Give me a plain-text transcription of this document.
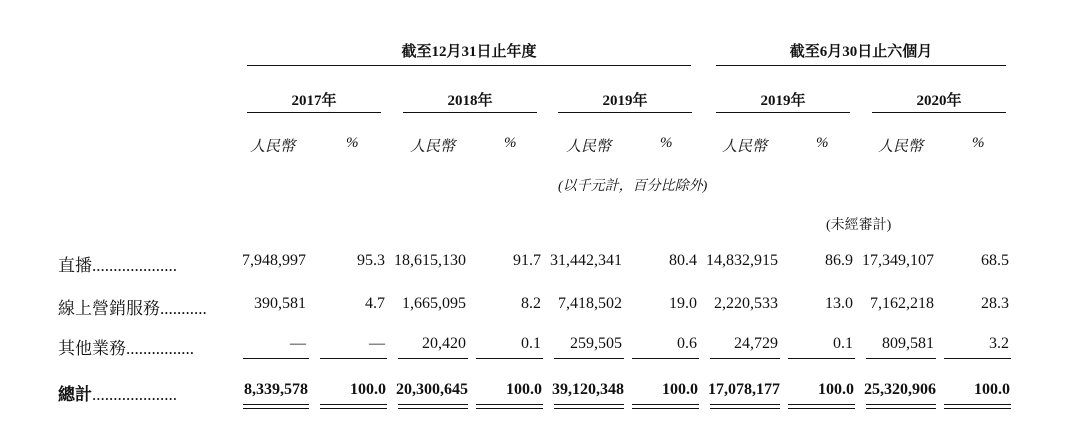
截至12月31日止年度	截至6月30日止六個月
2017年	2018年	2019年	2019年	2020年
人民幣	%	人民幣	%	人民幣	%	人民幣	%	人民幣	%
(以千元計，百分比除外)
(未經審計)
直播....................	7,948,997	95.3 18,615,130	91.7 31,442,341	80.4 14,832,915	86.9 17,349,107	68.5
線上營銷服務...........	390,581	4.7	1,665,095	8.2	7,418,502	19.0	2,220,533	13.0	7,162,218	28.3
其他業務................	—	—	20,420	0.1	259,505	0.6	24,729	0.1	809,581	3.2
總計....................	8,339,578	100.0 20,300,645	100.0 39,120,348	100.0 17,078,177	100.0 25,320,906	100.0
